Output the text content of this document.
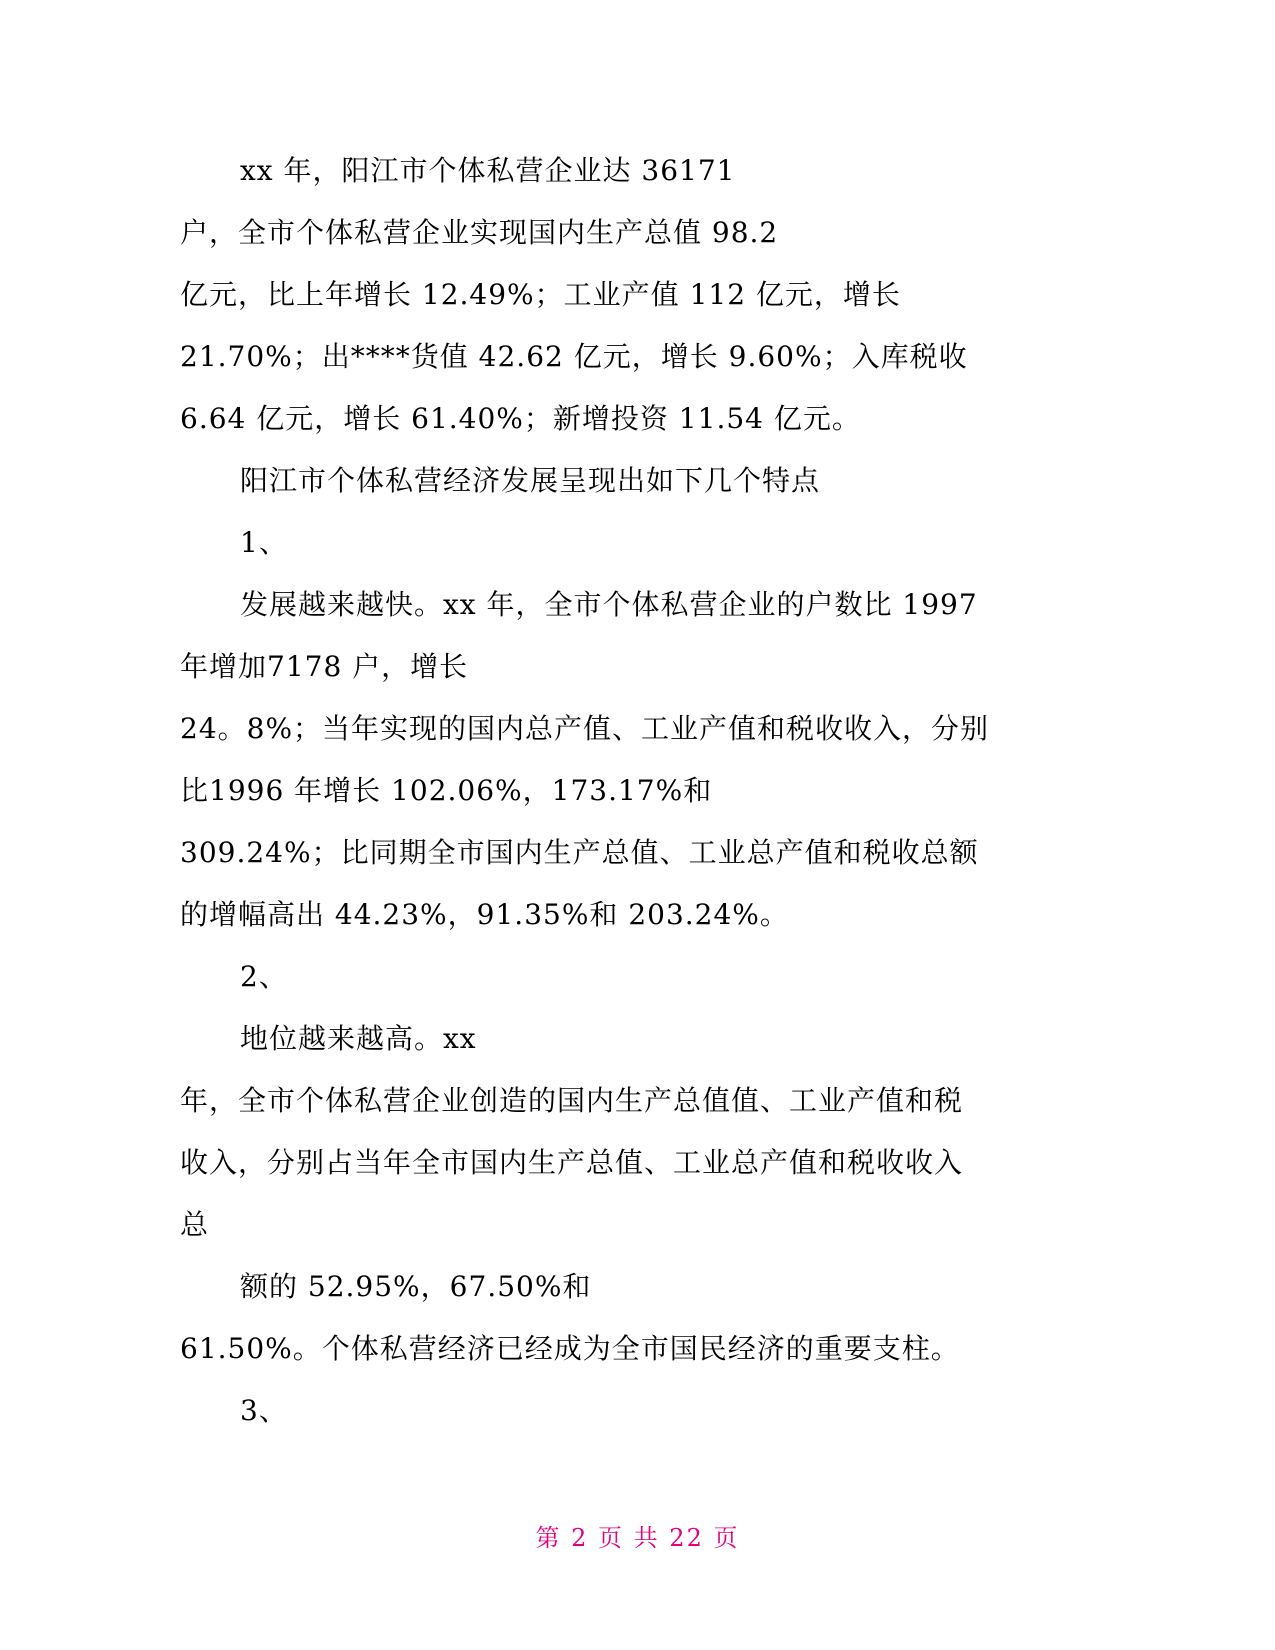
xx 年，阳江市个体私营企业达 36171
户，全市个体私营企业实现国内生产总值 98.2
亿元，比上年增长 12.49%；工业产值 112 亿元，增长
21.70%；出****货值 42.62 亿元，增长 9.60%；入库税收
6.64 亿元，增长 61.40%；新增投资 11.54 亿元。
阳江市个体私营经济发展呈现出如下几个特点
1、
发展越来越快。xx 年，全市个体私营企业的户数比 1997
年增加7178 户，增长
24。8%；当年实现的国内总产值、工业产值和税收收入，分别
比1996 年增长 102.06%，173.17%和
309.24%；比同期全市国内生产总值、工业总产值和税收总额
的增幅高出 44.23%，91.35%和 203.24%。
2、
地位越来越高。xx
年，全市个体私营企业创造的国内生产总值值、工业产值和税
收入，分别占当年全市国内生产总值、工业总产值和税收收入
总
额的 52.95%，67.50%和
61.50%。个体私营经济已经成为全市国民经济的重要支柱。
3、
第 2 页 共 22 页
